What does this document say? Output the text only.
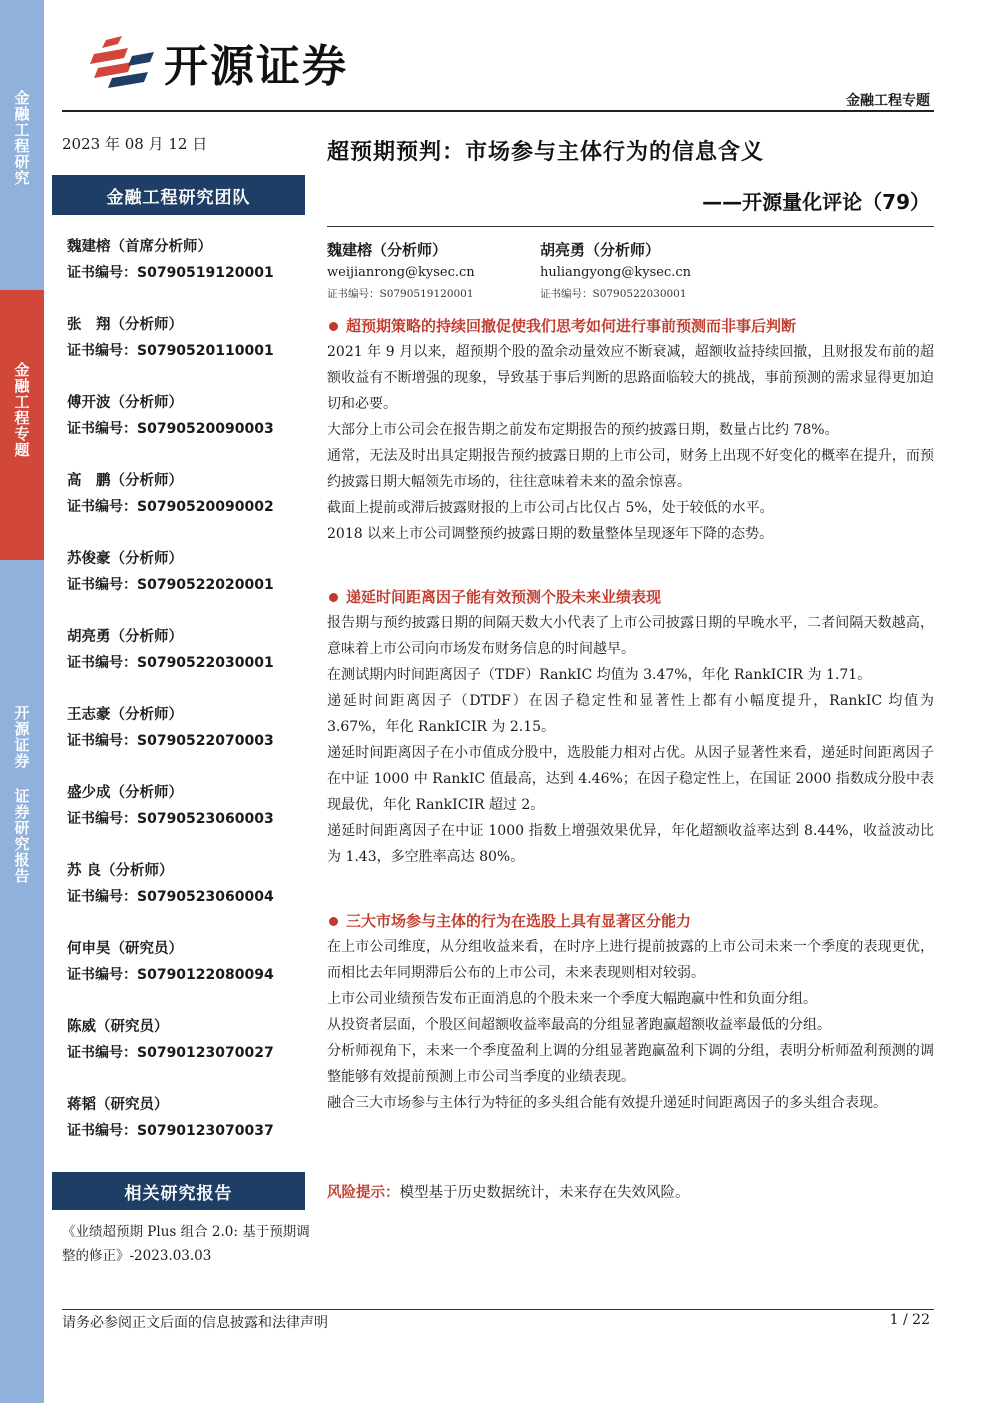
金融工程研究
金融工程专题
开源证券 证券研究报告
开源证券
金融工程专题
2023 年 08 月 12 日
金融工程研究团队
魏建榕（首席分析师）
证书编号：S0790519120001
张　翔（分析师）
证书编号：S0790520110001
傅开波（分析师）
证书编号：S0790520090003
高　鹏（分析师）
证书编号：S0790520090002
苏俊豪（分析师）
证书编号：S0790522020001
胡亮勇（分析师）
证书编号：S0790522030001
王志豪（分析师）
证书编号：S0790522070003
盛少成（分析师）
证书编号：S0790523060003
苏 良（分析师）
证书编号：S0790523060004
何申昊（研究员）
证书编号：S0790122080094
陈威（研究员）
证书编号：S0790123070027
蒋韬（研究员）
证书编号：S0790123070037
相关研究报告
《业绩超预期 Plus 组合 2.0: 基于预期调整的修正》-2023.03.03
超预期预判：市场参与主体行为的信息含义
——开源量化评论（79）
魏建榕（分析师）
weijianrong@kysec.cn
证书编号：S0790519120001
胡亮勇（分析师）
huliangyong@kysec.cn
证书编号：S0790522030001
超预期策略的持续回撤促使我们思考如何进行事前预测而非事后判断
2021 年 9 月以来，超预期个股的盈余动量效应不断衰减，超额收益持续回撤，且财报发布前的超额收益有不断增强的现象，导致基于事后判断的思路面临较大的挑战，事前预测的需求显得更加迫切和必要。
大部分上市公司会在报告期之前发布定期报告的预约披露日期，数量占比约 78%。
通常，无法及时出具定期报告预约披露日期的上市公司，财务上出现不好变化的概率在提升，而预约披露日期大幅领先市场的，往往意味着未来的盈余惊喜。
截面上提前或滞后披露财报的上市公司占比仅占 5%，处于较低的水平。
2018 以来上市公司调整预约披露日期的数量整体呈现逐年下降的态势。
递延时间距离因子能有效预测个股未来业绩表现
报告期与预约披露日期的间隔天数大小代表了上市公司披露日期的早晚水平，二者间隔天数越高，意味着上市公司向市场发布财务信息的时间越早。
在测试期内时间距离因子（TDF）RankIC 均值为 3.47%，年化 RankICIR 为 1.71。
递延时间距离因子（DTDF）在因子稳定性和显著性上都有小幅度提升，RankIC 均值为 3.67%，年化 RankICIR 为 2.15。
递延时间距离因子在小市值成分股中，选股能力相对占优。从因子显著性来看，递延时间距离因子在中证 1000 中 RankIC 值最高，达到 4.46%；在因子稳定性上，在国证 2000 指数成分股中表现最优，年化 RankICIR 超过 2。
递延时间距离因子在中证 1000 指数上增强效果优异，年化超额收益率达到 8.44%，收益波动比为 1.43，多空胜率高达 80%。
三大市场参与主体的行为在选股上具有显著区分能力
在上市公司维度，从分组收益来看，在时序上进行提前披露的上市公司未来一个季度的表现更优，而相比去年同期滞后公布的上市公司，未来表现则相对较弱。
上市公司业绩预告发布正面消息的个股未来一个季度大幅跑赢中性和负面分组。
从投资者层面，个股区间超额收益率最高的分组显著跑赢超额收益率最低的分组。
分析师视角下，未来一个季度盈利上调的分组显著跑赢盈利下调的分组，表明分析师盈利预测的调整能够有效提前预测上市公司当季度的业绩表现。
融合三大市场参与主体行为特征的多头组合能有效提升递延时间距离因子的多头组合表现。
风险提示：模型基于历史数据统计，未来存在失效风险。
请务必参阅正文后面的信息披露和法律声明	1 / 22
